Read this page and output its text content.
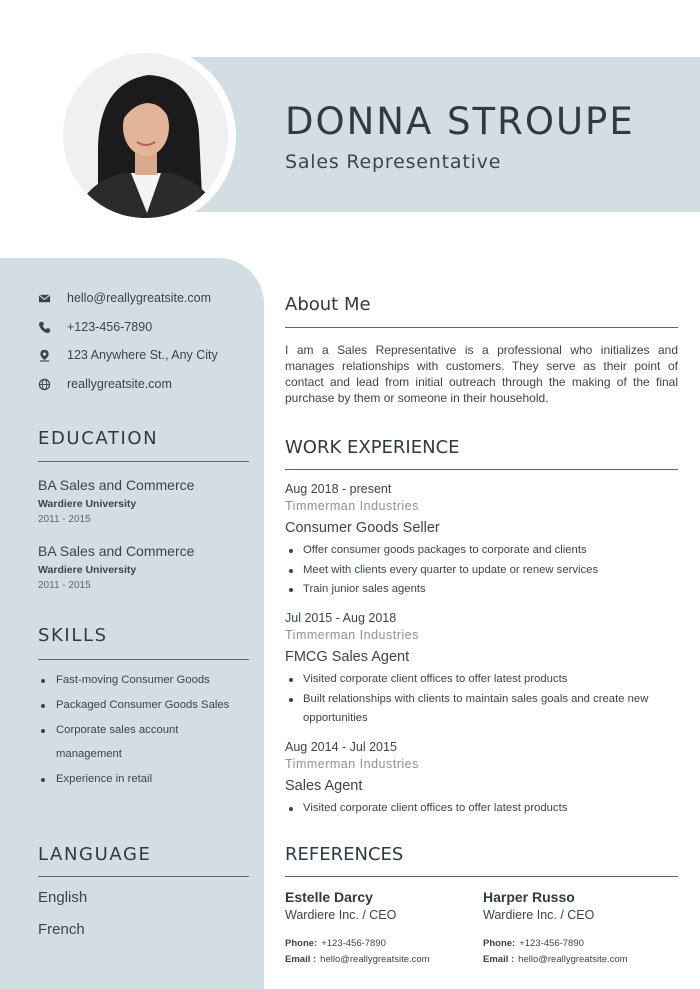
DONNA STROUPE
Sales Representative
hello@reallygreatsite.com
+123-456-7890
123 Anywhere St., Any City
reallygreatsite.com
EDUCATION
BA Sales and Commerce
Wardiere University
2011 - 2015
BA Sales and Commerce
Wardiere University
2011 - 2015
SKILLS
Fast-moving Consumer Goods
Packaged Consumer Goods Sales
Corporate sales account management
Experience in retail
LANGUAGE
English
French
About Me
I am a Sales Representative is a professional who initializes and manages relationships with customers. They serve as their point of contact and lead from initial outreach through the making of the final purchase by them or someone in their household.
WORK EXPERIENCE
Aug 2018 - present
Timmerman Industries
Consumer Goods Seller
Offer consumer goods packages to corporate and clients
Meet with clients every quarter to update or renew services
Train junior sales agents
Jul 2015 - Aug 2018
Timmerman Industries
FMCG Sales Agent
Visited corporate client offices to offer latest products
Built relationships with clients to maintain sales goals and create new opportunities
Aug 2014 - Jul 2015
Timmerman Industries
Sales Agent
Visited corporate client offices to offer latest products
REFERENCES
Estelle Darcy
Wardiere Inc. / CEO
Phone: +123-456-7890
Email : hello@reallygreatsite.com
Harper Russo
Wardiere Inc. / CEO
Phone: +123-456-7890
Email : hello@reallygreatsite.com
